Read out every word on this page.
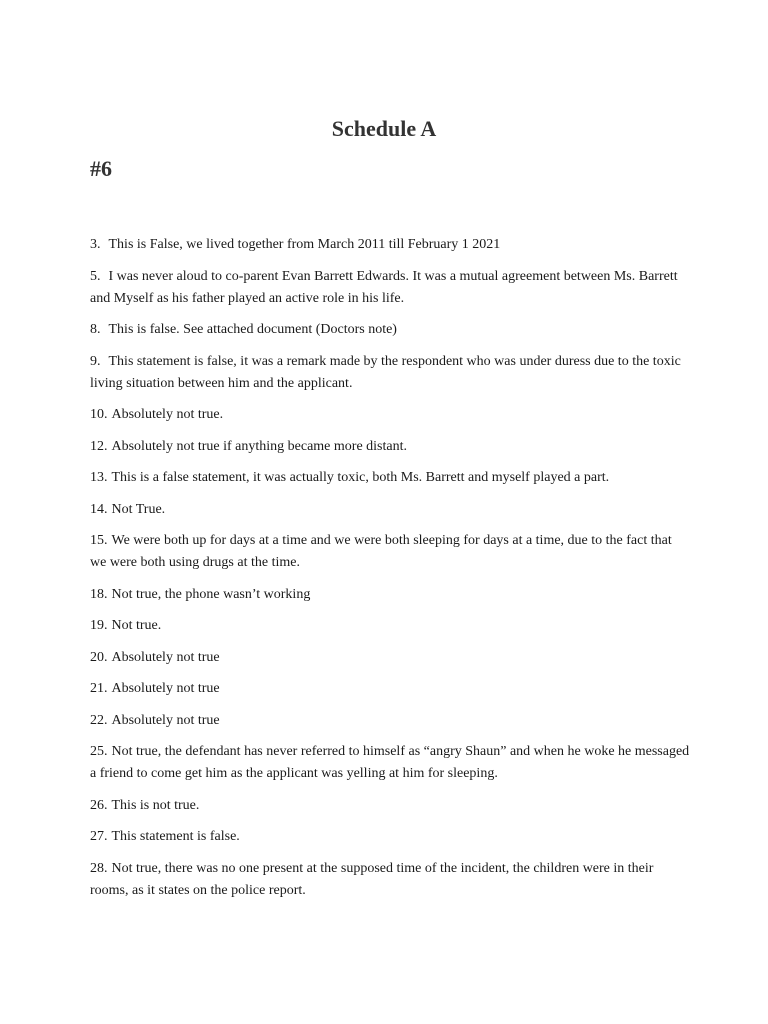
Schedule A
#6

3. This is False, we lived together from March 2011 till February 1 2021

5. I was never aloud to co-parent Evan Barrett Edwards. It was a mutual agreement between Ms. Barrett and Myself as his father played an active role in his life.

8. This is false. See attached document (Doctors note)

9. This statement is false, it was a remark made by the respondent who was under duress due to the toxic living situation between him and the applicant.

10. Absolutely not true.

12. Absolutely not true if anything became more distant.

13. This is a false statement, it was actually toxic, both Ms. Barrett and myself played a part.

14. Not True.

15. We were both up for days at a time and we were both sleeping for days at a time, due to the fact that we were both using drugs at the time.

18. Not true, the phone wasn’t working

19. Not true.

20. Absolutely not true

21. Absolutely not true

22. Absolutely not true

25. Not true, the defendant has never referred to himself as “angry Shaun” and when he woke he messaged a friend to come get him as the applicant was yelling at him for sleeping.

26. This is not true.

27. This statement is false.

28. Not true, there was no one present at the supposed time of the incident, the children were in their rooms, as it states on the police report.
